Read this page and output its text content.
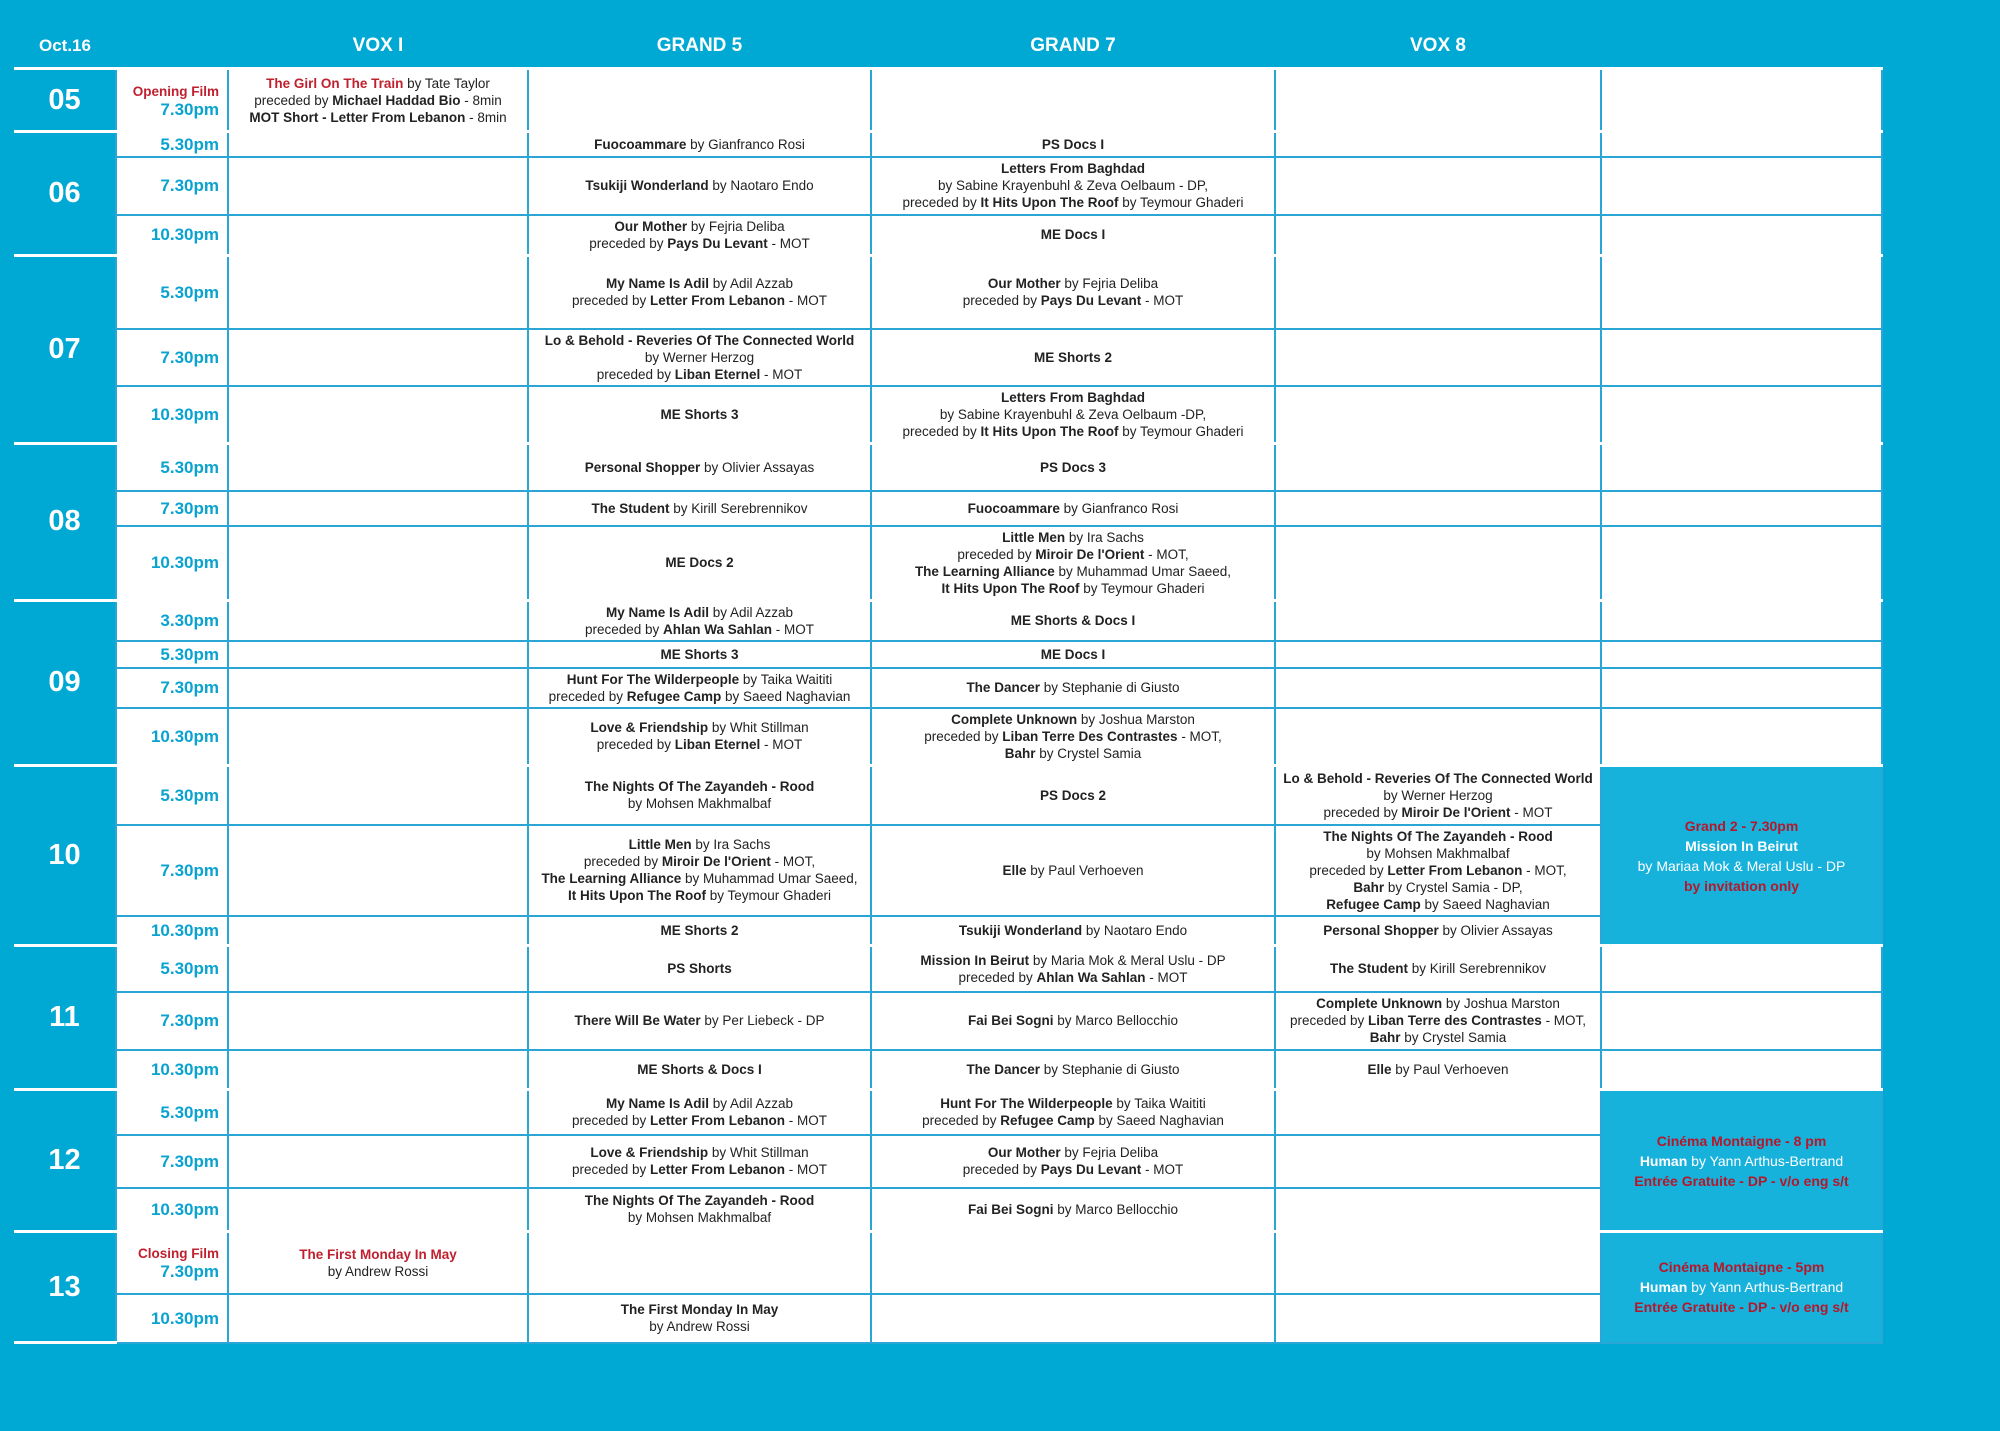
Oct.16		VOX I	GRAND 5	GRAND 7	VOX 8	
05	Opening Film
7.30pm	The Girl On The Train by Tate Taylor
preceded by Michael Haddad Bio - 8min
MOT Short - Letter From Lebanon - 8min				
06	5.30pm		Fuocoammare by Gianfranco Rosi	PS Docs I		
	7.30pm		Tsukiji Wonderland by Naotaro Endo	Letters From Baghdad
by Sabine Krayenbuhl & Zeva Oelbaum - DP,
preceded by It Hits Upon The Roof by Teymour Ghaderi		
	10.30pm		Our Mother by Fejria Deliba
preceded by Pays Du Levant - MOT	ME Docs I		
07	5.30pm		My Name Is Adil by Adil Azzab
preceded by Letter From Lebanon - MOT	Our Mother by Fejria Deliba
preceded by Pays Du Levant - MOT		
	7.30pm		Lo & Behold - Reveries Of The Connected World
by Werner Herzog
preceded by Liban Eternel - MOT	ME Shorts 2		
	10.30pm		ME Shorts 3	Letters From Baghdad
by Sabine Krayenbuhl & Zeva Oelbaum -DP,
preceded by It Hits Upon The Roof by Teymour Ghaderi		
08	5.30pm		Personal Shopper by Olivier Assayas	PS Docs 3		
	7.30pm		The Student by Kirill Serebrennikov	Fuocoammare by Gianfranco Rosi		
	10.30pm		ME Docs 2	Little Men by Ira Sachs
preceded by Miroir De l'Orient - MOT,
The Learning Alliance by Muhammad Umar Saeed,
It Hits Upon The Roof by Teymour Ghaderi		
09	3.30pm		My Name Is Adil by Adil Azzab
preceded by Ahlan Wa Sahlan - MOT	ME Shorts & Docs I		
	5.30pm		ME Shorts 3	ME Docs I		
	7.30pm		Hunt For The Wilderpeople by Taika Waititi
preceded by Refugee Camp by Saeed Naghavian	The Dancer by Stephanie di Giusto		
	10.30pm		Love & Friendship by Whit Stillman
preceded by Liban Eternel - MOT	Complete Unknown by Joshua Marston
preceded by Liban Terre Des Contrastes - MOT,
Bahr by Crystel Samia		
10	5.30pm		The Nights Of The Zayandeh - Rood
by Mohsen Makhmalbaf	PS Docs 2	Lo & Behold - Reveries Of The Connected World
by Werner Herzog
preceded by Miroir De l'Orient - MOT	Grand 2 - 7.30pm
Mission In Beirut
by Mariaa Mok & Meral Uslu - DP
by invitation only
	7.30pm		Little Men by Ira Sachs
preceded by Miroir De l'Orient - MOT,
The Learning Alliance by Muhammad Umar Saeed,
It Hits Upon The Roof by Teymour Ghaderi	Elle by Paul Verhoeven	The Nights Of The Zayandeh - Rood
by Mohsen Makhmalbaf
preceded by Letter From Lebanon - MOT,
Bahr by Crystel Samia - DP,
Refugee Camp by Saeed Naghavian	
	10.30pm		ME Shorts 2	Tsukiji Wonderland by Naotaro Endo	Personal Shopper by Olivier Assayas	
11	5.30pm		PS Shorts	Mission In Beirut by Maria Mok & Meral Uslu - DP
preceded by Ahlan Wa Sahlan - MOT	The Student by Kirill Serebrennikov	
	7.30pm		There Will Be Water by Per Liebeck - DP	Fai Bei Sogni by Marco Bellocchio	Complete Unknown by Joshua Marston
preceded by Liban Terre des Contrastes - MOT,
Bahr by Crystel Samia	
	10.30pm		ME Shorts & Docs I	The Dancer by Stephanie di Giusto	Elle by Paul Verhoeven	
12	5.30pm		My Name Is Adil by Adil Azzab
preceded by Letter From Lebanon - MOT	Hunt For The Wilderpeople by Taika Waititi
preceded by Refugee Camp by Saeed Naghavian		Cinéma Montaigne - 8 pm
Human by Yann Arthus-Bertrand
Entrée Gratuite - DP - v/o eng s/t
	7.30pm		Love & Friendship by Whit Stillman
preceded by Letter From Lebanon - MOT	Our Mother by Fejria Deliba
preceded by Pays Du Levant - MOT		
	10.30pm		The Nights Of The Zayandeh - Rood
by Mohsen Makhmalbaf	Fai Bei Sogni by Marco Bellocchio		
13	Closing Film
7.30pm	The First Monday In May
by Andrew Rossi				Cinéma Montaigne - 5pm
Human by Yann Arthus-Bertrand
Entrée Gratuite - DP - v/o eng s/t
	10.30pm		The First Monday In May
by Andrew Rossi			
